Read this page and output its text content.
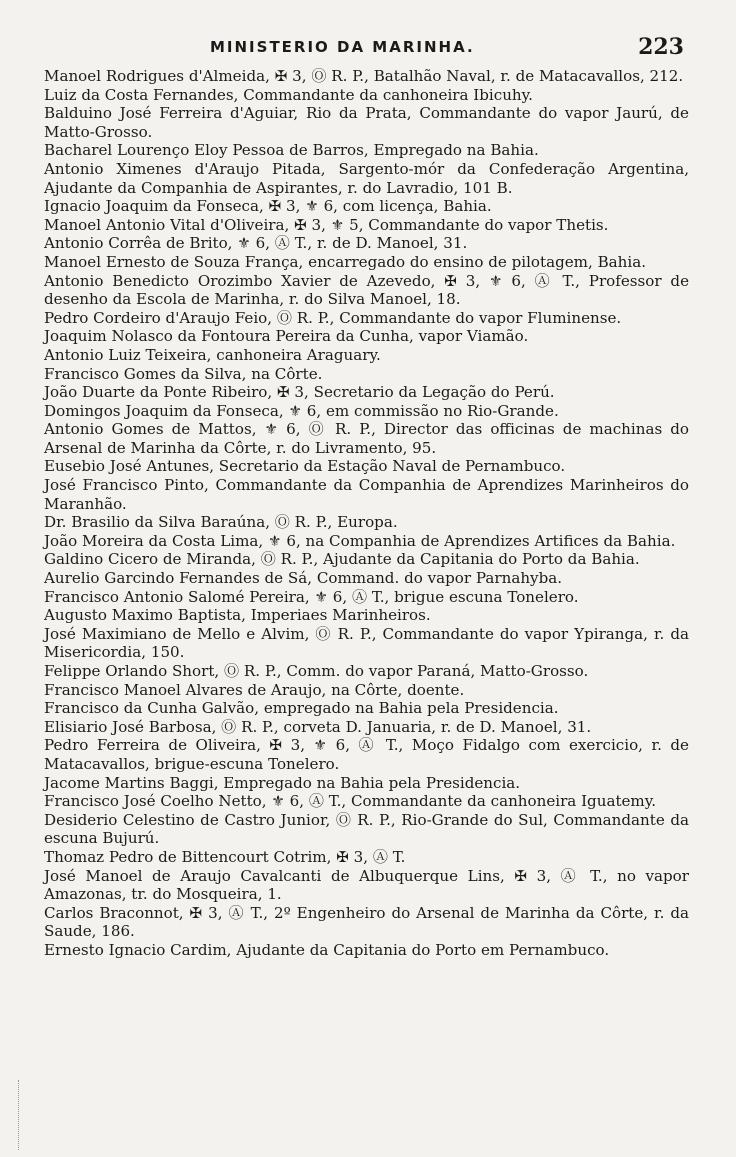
MINISTERIO DA MARINHA.	223
Manoel Rodrigues d'Almeida, ✠ 3, Ⓞ R. P., Batalhão Naval, r. de Matacavallos, 212.
Luiz da Costa Fernandes, Commandante da canhoneira Ibicuhy.
Balduino José Ferreira d'Aguiar, Rio da Prata, Commandante do vapor Jaurú, de Matto-Grosso.
Bacharel Lourenço Eloy Pessoa de Barros, Empregado na Bahia.
Antonio Ximenes d'Araujo Pitada, Sargento-mór da Confederação Argentina, Ajudante da Companhia de Aspirantes, r. do Lavradio, 101 B.
Ignacio Joaquim da Fonseca, ✠ 3, ⚜ 6, com licença, Bahia.
Manoel Antonio Vital d'Oliveira, ✠ 3, ⚜ 5, Commandante do vapor Thetis.
Antonio Corrêa de Brito, ⚜ 6, Ⓐ T., r. de D. Manoel, 31.
Manoel Ernesto de Souza França, encarregado do ensino de pilotagem, Bahia.
Antonio Benedicto Orozimbo Xavier de Azevedo, ✠ 3, ⚜ 6, Ⓐ T., Professor de desenho da Escola de Marinha, r. do Silva Manoel, 18.
Pedro Cordeiro d'Araujo Feio, Ⓞ R. P., Commandante do vapor Fluminense.
Joaquim Nolasco da Fontoura Pereira da Cunha, vapor Viamão.
Antonio Luiz Teixeira, canhoneira Araguary.
Francisco Gomes da Silva, na Côrte.
João Duarte da Ponte Ribeiro, ✠ 3, Secretario da Legação do Perú.
Domingos Joaquim da Fonseca, ⚜ 6, em commissão no Rio-Grande.
Antonio Gomes de Mattos, ⚜ 6, Ⓞ R. P., Director das officinas de machinas do Arsenal de Marinha da Côrte, r. do Livramento, 95.
Eusebio José Antunes, Secretario da Estação Naval de Pernambuco.
José Francisco Pinto, Commandante da Companhia de Aprendizes Marinheiros do Maranhão.
Dr. Brasilio da Silva Baraúna, Ⓞ R. P., Europa.
João Moreira da Costa Lima, ⚜ 6, na Companhia de Aprendizes Artifices da Bahia.
Galdino Cicero de Miranda, Ⓞ R. P., Ajudante da Capitania do Porto da Bahia.
Aurelio Garcindo Fernandes de Sá, Command. do vapor Parnahyba.
Francisco Antonio Salomé Pereira, ⚜ 6, Ⓐ T., brigue escuna Tonelero.
Augusto Maximo Baptista, Imperiaes Marinheiros.
José Maximiano de Mello e Alvim, Ⓞ R. P., Commandante do vapor Ypiranga, r. da Misericordia, 150.
Felippe Orlando Short, Ⓞ R. P., Comm. do vapor Paraná, Matto-Grosso.
Francisco Manoel Alvares de Araujo, na Côrte, doente.
Francisco da Cunha Galvão, empregado na Bahia pela Presidencia.
Elisiario José Barbosa, Ⓞ R. P., corveta D. Januaria, r. de D. Manoel, 31.
Pedro Ferreira de Oliveira, ✠ 3, ⚜ 6, Ⓐ T., Moço Fidalgo com exercicio, r. de Matacavallos, brigue-escuna Tonelero.
Jacome Martins Baggi, Empregado na Bahia pela Presidencia.
Francisco José Coelho Netto, ⚜ 6, Ⓐ T., Commandante da canhoneira Iguatemy.
Desiderio Celestino de Castro Junior, Ⓞ R. P., Rio-Grande do Sul, Commandante da escuna Bujurú.
Thomaz Pedro de Bittencourt Cotrim, ✠ 3, Ⓐ T.
José Manoel de Araujo Cavalcanti de Albuquerque Lins, ✠ 3, Ⓐ T., no vapor Amazonas, tr. do Mosqueira, 1.
Carlos Braconnot, ✠ 3, Ⓐ T., 2º Engenheiro do Arsenal de Marinha da Côrte, r. da Saude, 186.
Ernesto Ignacio Cardim, Ajudante da Capitania do Porto em Pernambuco.
